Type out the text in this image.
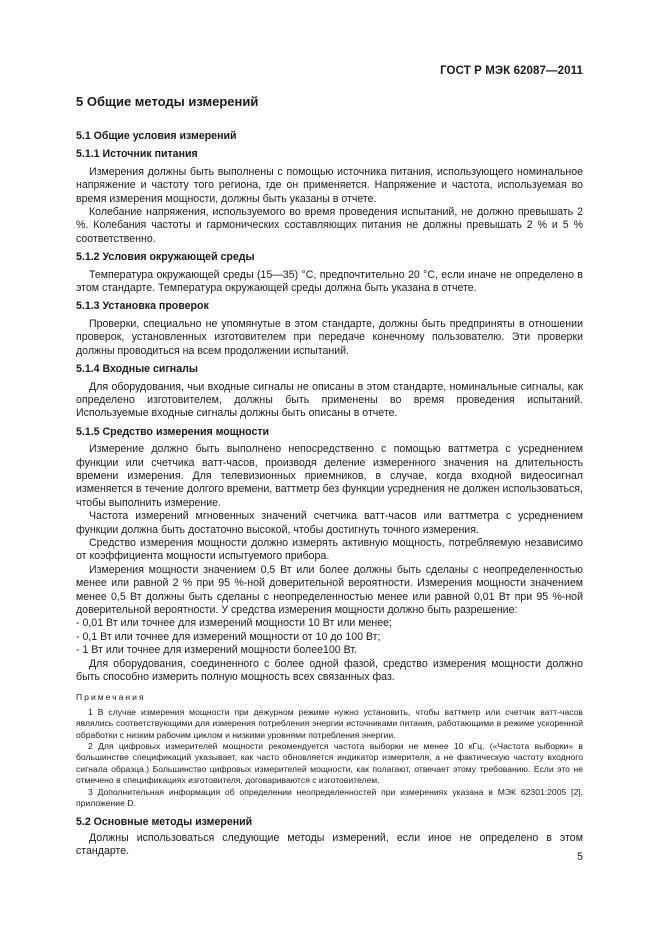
ГОСТ Р МЭК 62087—2011
5 Общие методы измерений
5.1 Общие условия измерений
5.1.1 Источник питания

Измерения должны быть выполнены с помощью источника питания, использующего номинальное напряжение и частоту того региона, где он применяется. Напряжение и частота, используемая во время измерения мощности, должны быть указаны в отчете.

Колебание напряжения, используемого во время проведения испытаний, не должно превышать 2 %. Колебания частоты и гармонических составляющих питания не должны превышать 2 % и 5 % соответственно.

5.1.2 Условия окружающей среды

Температура окружающей среды (15—35) °С, предпочтительно 20 °С, если иначе не определено в этом стандарте. Температура окружающей среды должна быть указана в отчете.

5.1.3 Установка проверок

Проверки, специально не упомянутые в этом стандарте, должны быть предприняты в отношении проверок, установленных изготовителем при передаче конечному пользователю. Эти проверки должны проводиться на всем продолжении испытаний.

5.1.4 Входные сигналы

Для оборудования, чьи входные сигналы не описаны в этом стандарте, номинальные сигналы, как определено изготовителем, должны быть применены во время проведения испытаний. Используемые входные сигналы должны быть описаны в отчете.

5.1.5 Средство измерения мощности

Измерение должно быть выполнено непосредственно с помощью ваттметра с усреднением функции или счетчика ватт-часов, производя деление измеренного значения на длительность времени измерения. Для телевизионных приемников, в случае, когда входной видеосигнал изменяется в течение долгого времени, ваттметр без функции усреднения не должен использоваться, чтобы выполнить измерение.

Частота измерений мгновенных значений счетчика ватт-часов или ваттметра с усреднением функции должна быть достаточно высокой, чтобы достигнуть точного измерения.

Средство измерения мощности должно измерять активную мощность, потребляемую независимо от коэффициента мощности испытуемого прибора.

Измерения мощности значением 0,5 Вт или более должны быть сделаны с неопределенностью менее или равной 2 % при 95 %-ной доверительной вероятности. Измерения мощности значением менее 0,5 Вт должны быть сделаны с неопределенностью менее или равной 0,01 Вт при 95 %-ной доверительной вероятности. У средства измерения мощности должно быть разрешение:

- 0,01 Вт или точнее для измерений мощности 10 Вт или менее;
- 0,1 Вт или точнее для измерений мощности от 10 до 100 Вт;
- 1 Вт или точнее для измерений мощности более100 Вт.

Для оборудования, соединенного с более одной фазой, средство измерения мощности должно быть способно измерить полную мощность всех связанных фаз.

Примечания

1 В случае измерения мощности при дежурном режиме нужно установить, чтобы ваттметр или счетчик ватт-часов являлись соответствующими для измерения потребления энергии источниками питания, работающими в режиме ускоренной обработки с низким рабочим циклом и низкими уровнями потребления энергии.

2 Для цифровых измерителей мощности рекомендуется частота выборки не менее 10 кГц. («Частота выборки» в большинстве спецификаций указывает, как часто обновляется индикатор измерителя, а не фактическую частоту входного сигнала образца.) Большинство цифровых измерителей мощности, как полагают, отвечает этому требованию. Если это не отмечено в спецификациях изготовителя, договариваются с изготовителем.

3 Дополнительная информация об определении неопределенностей при измерениях указана в МЭК 62301:2005 [2], приложение D.

5.2 Основные методы измерений

Должны использоваться следующие методы измерений, если иное не определено в этом стандарте.	5
